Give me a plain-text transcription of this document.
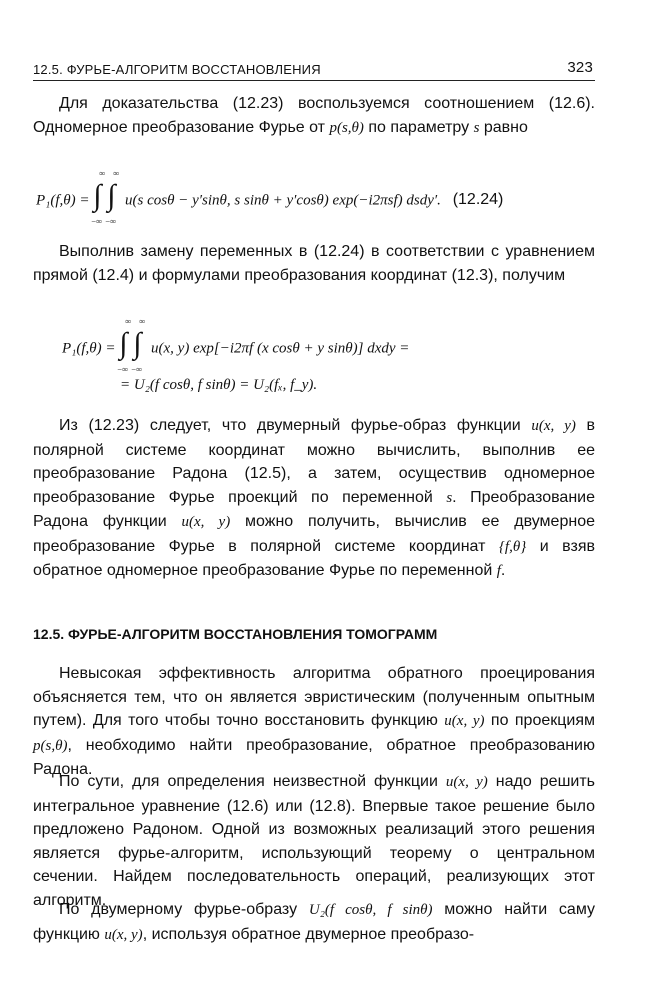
12.5. ФУРЬЕ-АЛГОРИТМ ВОССТАНОВЛЕНИЯ	323

Для доказательства (12.23) воспользуемся соотношением (12.6). Одномерное преобразование Фурье от p(s,θ) по параметру s равно

P₁(f,θ) = ∫
∞
−∞
∫
∞
−∞
u(s cosθ − y′sinθ, s sinθ + y′cosθ) exp(−i2πsf) dsdy′. (12.24)

Выполнив замену переменных в (12.24) в соответствии с уравнением прямой (12.4) и формулами преобразования координат (12.3), получим

P₁(f,θ) = ∫
∞
−∞
∫
∞
−∞
u(x, y) exp[−i2πf (x cosθ + y sinθ)] dxdy =
= U₂(f cosθ, f sinθ) = U₂(fₓ, f_y).

Из (12.23) следует, что двумерный фурье-образ функции u(x, y) в полярной системе координат можно вычислить, выполнив ее преобразование Радона (12.5), а затем, осуществив одномерное преобразование Фурье проекций по переменной s. Преобразование Радона функции u(x, y) можно получить, вычислив ее двумерное преобразование Фурье в полярной системе координат {f,θ} и взяв обратное одномерное преобразование Фурье по переменной f.

12.5. ФУРЬЕ-АЛГОРИТМ ВОССТАНОВЛЕНИЯ ТОМОГРАММ

Невысокая эффективность алгоритма обратного проецирования объясняется тем, что он является эвристическим (полученным опытным путем). Для того чтобы точно восстановить функцию u(x, y) по проекциям p(s,θ), необходимо найти преобразование, обратное преобразованию Радона.

По сути, для определения неизвестной функции u(x, y) надо решить интегральное уравнение (12.6) или (12.8). Впервые такое решение было предложено Радоном. Одной из возможных реализаций этого решения является фурье-алгоритм, использующий теорему о центральном сечении. Найдем последовательность операций, реализующих этот алгоритм.

По двумерному фурье-образу U₂(f cosθ, f sinθ) можно найти саму функцию u(x, y), используя обратное двумерное преобразо-
